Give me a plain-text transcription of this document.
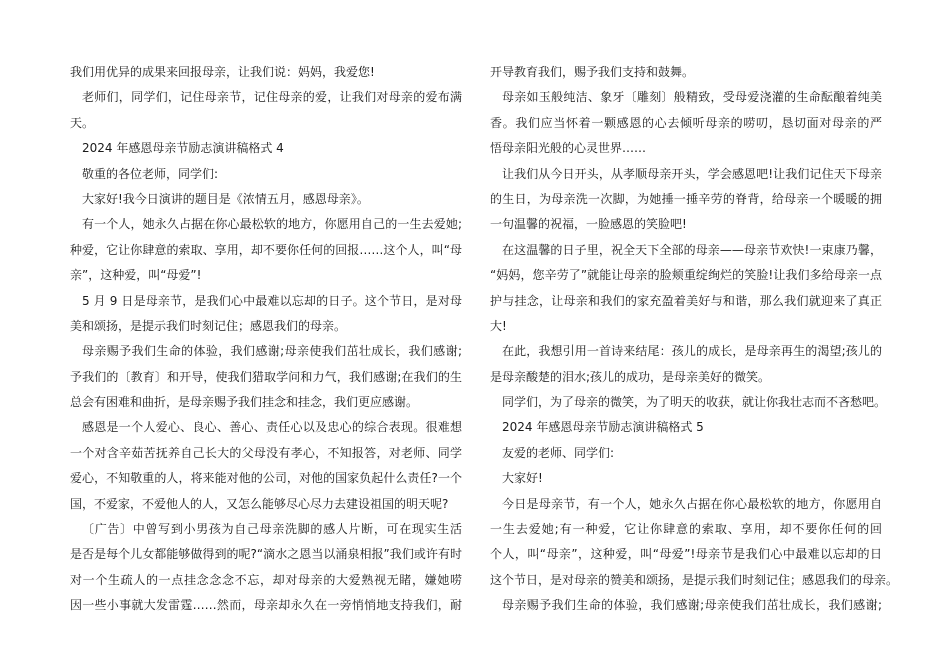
我们用优异的成果来回报母亲，让我们说：妈妈，我爱您!
老师们，同学们，记住母亲节，记住母亲的爱，让我们对母亲的爱布满
天。
2024 年感恩母亲节励志演讲稿格式 4
敬重的各位老师，同学们:
大家好!我今日演讲的题目是《浓情五月，感恩母亲》。
有一个人，她永久占据在你心最松软的地方，你愿用自己的一生去爱她;
种爱，它让你肆意的索取、享用，却不要你任何的回报……这个人，叫“母
亲”，这种爱，叫“母爱”!
5 月 9 日是母亲节，是我们心中最难以忘却的日子。这个节日，是对母
美和颂扬，是提示我们时刻记住；感恩我们的母亲。
母亲赐予我们生命的体验，我们感谢;母亲使我们茁壮成长，我们感谢;
予我们的〔教育〕和开导，使我们猎取学问和力气，我们感谢;在我们的生
总会有困难和曲折，是母亲赐予我们挂念和挂念，我们更应感谢。
感恩是一个人爱心、良心、善心、责任心以及忠心的综合表现。很难想
一个对含辛茹苦抚养自己长大的父母没有孝心，不知报答，对老师、同学
爱心，不知敬重的人，将来能对他的公司，对他的国家负起什么责任?一个
国，不爱家，不爱他人的人，又怎么能够尽心尽力去建设祖国的明天呢?
〔广告〕中曾写到小男孩为自己母亲洗脚的感人片断，可在现实生活
是否是每个儿女都能够做得到的呢?“滴水之恩当以涌泉相报”我们或许有时
对一个生疏人的一点挂念念念不忘，却对母亲的大爱熟视无睹，嫌她唠
因一些小事就大发雷霆……然而，母亲却永久在一旁悄悄地支持我们，耐
开导教育我们，赐予我们支持和鼓舞。
母亲如玉般纯洁、象牙〔雕刻〕般精致，受母爱浇灌的生命酝酿着纯美
香。我们应当怀着一颗感恩的心去倾听母亲的唠叨，恳切面对母亲的严
悟母亲阳光般的心灵世界……
让我们从今日开头，从孝顺母亲开头，学会感恩吧!让我们记住天下母亲
的生日，为母亲洗一次脚，为她捶一捶辛劳的脊背，给母亲一个暖暖的拥
一句温馨的祝福，一脸感恩的笑脸吧!
在这温馨的日子里，祝全天下全部的母亲——母亲节欢快!一束康乃馨，
“妈妈，您辛劳了”就能让母亲的脸颊重绽绚烂的笑脸!让我们多给母亲一点
护与挂念，让母亲和我们的家充盈着美好与和谐，那么我们就迎来了真正
大!
在此，我想引用一首诗来结尾：孩儿的成长，是母亲再生的渴望;孩儿的
是母亲酸楚的泪水;孩儿的成功，是母亲美好的微笑。
同学们，为了母亲的微笑，为了明天的收获，就让你我壮志而不吝愁吧。
2024 年感恩母亲节励志演讲稿格式 5
友爱的老师、同学们:
大家好!
今日是母亲节，有一个人，她永久占据在你心最松软的地方，你愿用自
一生去爱她;有一种爱，它让你肆意的索取、享用，却不要你任何的回
个人，叫“母亲”，这种爱，叫“母爱”!母亲节是我们心中最难以忘却的日
这个节日，是对母亲的赞美和颂扬，是提示我们时刻记住；感恩我们的母亲。
母亲赐予我们生命的体验，我们感谢;母亲使我们茁壮成长，我们感谢;
